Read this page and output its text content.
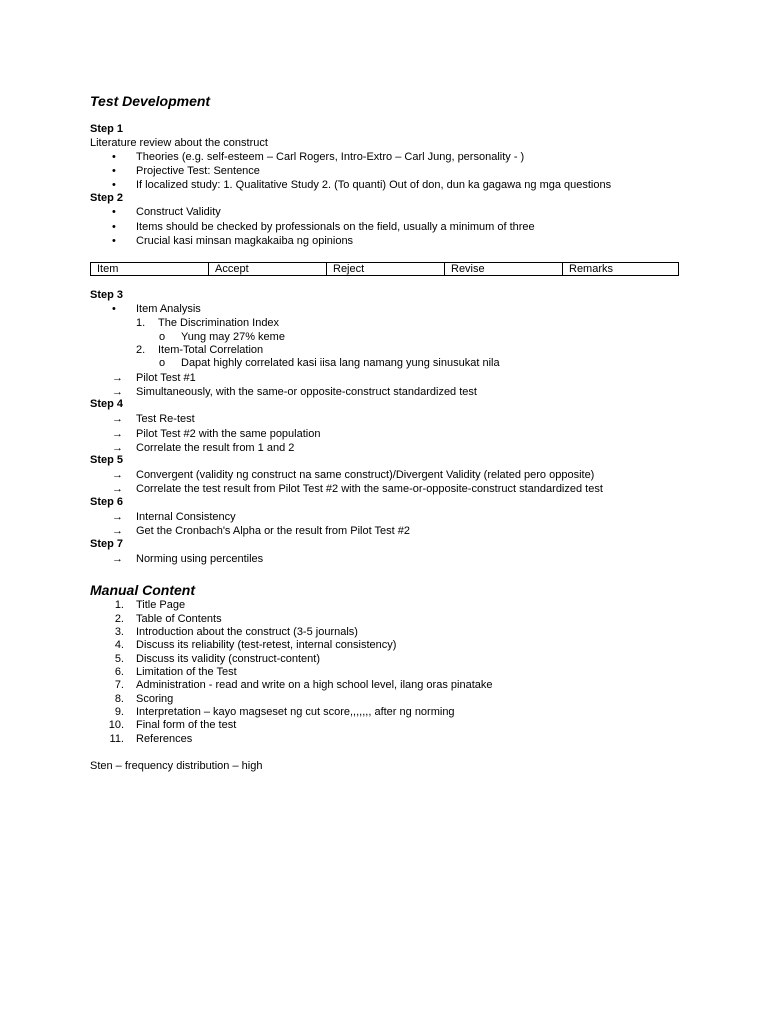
Test Development
Step 1
Literature review about the construct
• Theories (e.g. self-esteem – Carl Rogers, Intro-Extro – Carl Jung, personality - )
• Projective Test: Sentence
• If localized study: 1. Qualitative Study 2. (To quanti) Out of don, dun ka gagawa ng mga questions
Step 2
• Construct Validity
• Items should be checked by professionals on the field, usually a minimum of three
• Crucial kasi minsan magkakaiba ng opinions
Item	Accept	Reject	Revise	Remarks
Step 3
• Item Analysis
1. The Discrimination Index
o Yung may 27% keme
2. Item-Total Correlation
o Dapat highly correlated kasi iisa lang namang yung sinusukat nila
→ Pilot Test #1
→ Simultaneously, with the same-or opposite-construct standardized test
Step 4
→ Test Re-test
→ Pilot Test #2 with the same population
→ Correlate the result from 1 and 2
Step 5
→ Convergent (validity ng construct na same construct)/Divergent Validity (related pero opposite)
→ Correlate the test result from Pilot Test #2 with the same-or-opposite-construct standardized test
Step 6
→ Internal Consistency
→ Get the Cronbach's Alpha or the result from Pilot Test #2
Step 7
→ Norming using percentiles
Manual Content
1. Title Page
2. Table of Contents
3. Introduction about the construct (3-5 journals)
4. Discuss its reliability (test-retest, internal consistency)
5. Discuss its validity (construct-content)
6. Limitation of the Test
7. Administration - read and write on a high school level, ilang oras pinatake
8. Scoring
9. Interpretation – kayo magseset ng cut score,,,,,,, after ng norming
10. Final form of the test
11. References
Sten – frequency distribution – high
